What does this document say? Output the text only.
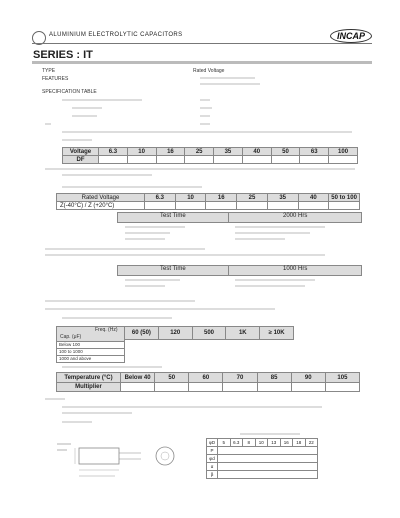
ALUMINIUM ELECTROLYTIC CAPACITORS	INCAP
SERIES : IT
TYPE
FEATURES
Rated Voltage
SPECIFICATION TABLE
Voltage	6.3	10	16	25	35	40	50	63	100
DF									
Rated Voltage	6.3	10	16	25	35	40	50 to 100
Z(-40°C) / Z (+20°C)							
Test Time	2000 Hrs
Test Time	1000 Hrs
Freq. (Hz)
Cap. (μF)
60 (50)	120	500	1K	≥ 10K
Below 100
100 to 1000
1000 and above
Temperature (°C)	Below 40	50	60	70	85	90	105
Multiplier							
φD	5	6.3	8	10	13	16	18	22
P								
φd								
α								
β								
